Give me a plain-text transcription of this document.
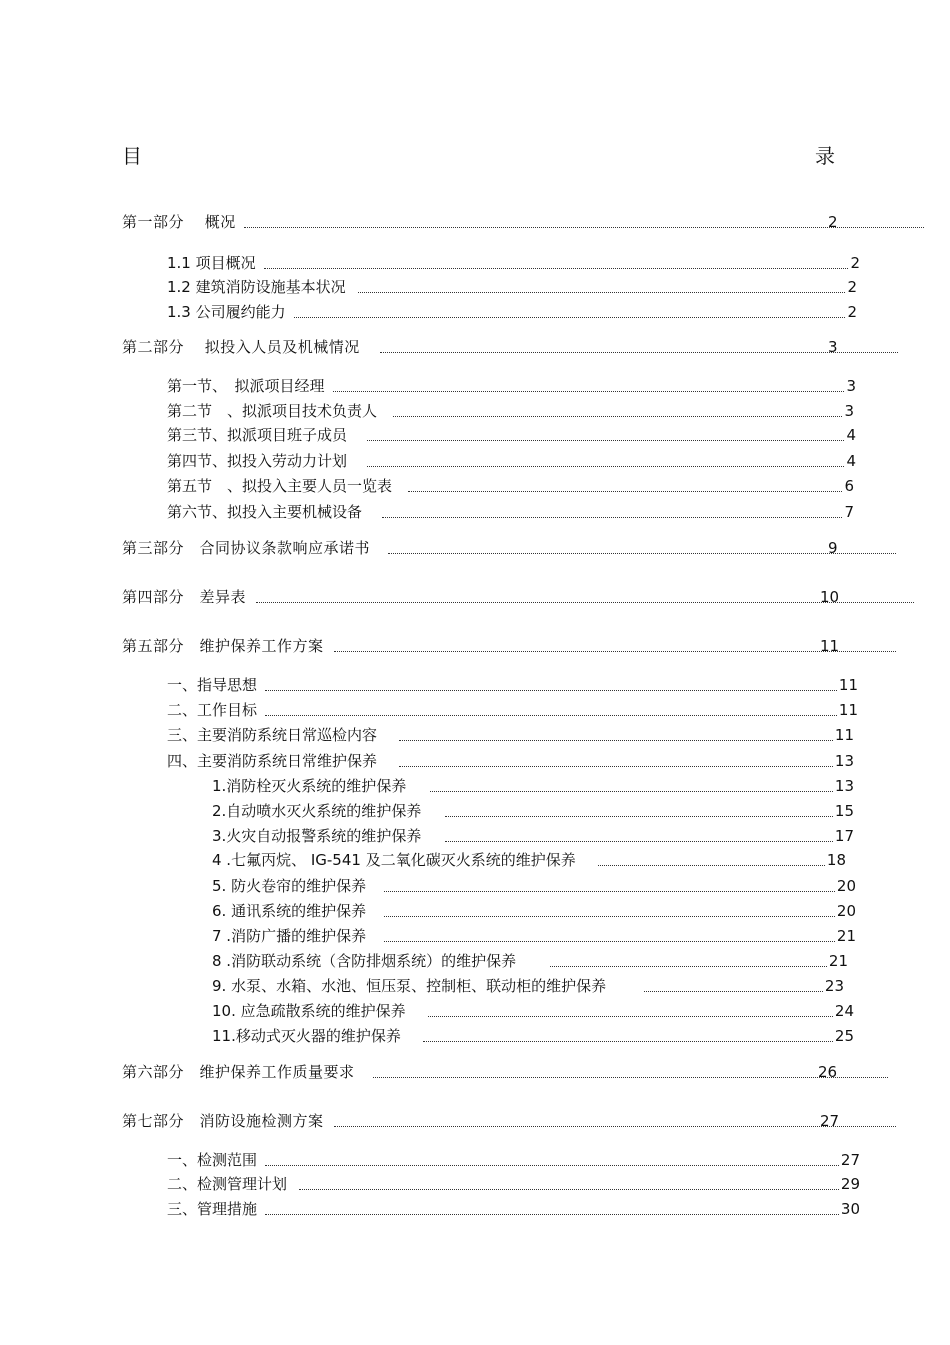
目	录
第一部分　 概况	2
1.1 项目概况	2
1.2 建筑消防设施基本状况	2
1.3 公司履约能力	2
第二部分　 拟投入人员及机械情况	3
第一节、　拟派项目经理	3
第二节　、拟派项目技术负责人	3
第三节、拟派项目班子成员	4
第四节、拟投入劳动力计划	4
第五节　、拟投入主要人员一览表	6
第六节、拟投入主要机械设备	7
第三部分　合同协议条款响应承诺书	9
第四部分　差异表	10
第五部分　维护保养工作方案	11
一、指导思想	11
二、工作目标	11
三、主要消防系统日常巡检内容	11
四、主要消防系统日常维护保养	13
1.消防栓灭火系统的维护保养	13
2.自动喷水灭火系统的维护保养	15
3.火灾自动报警系统的维护保养	17
4 .七氟丙烷、 IG-541 及二氧化碳灭火系统的维护保养	18
5. 防火卷帘的维护保养	20
6. 通讯系统的维护保养	20
7 .消防广播的维护保养	21
8 .消防联动系统（含防排烟系统）的维护保养	21
9. 水泵、水箱、水池、恒压泵、控制柜、联动柜的维护保养	23
10. 应急疏散系统的维护保养	24
11.移动式灭火器的维护保养	25
第六部分　维护保养工作质量要求	26
第七部分　消防设施检测方案	27
一、检测范围	27
二、检测管理计划	29
三、管理措施	30
